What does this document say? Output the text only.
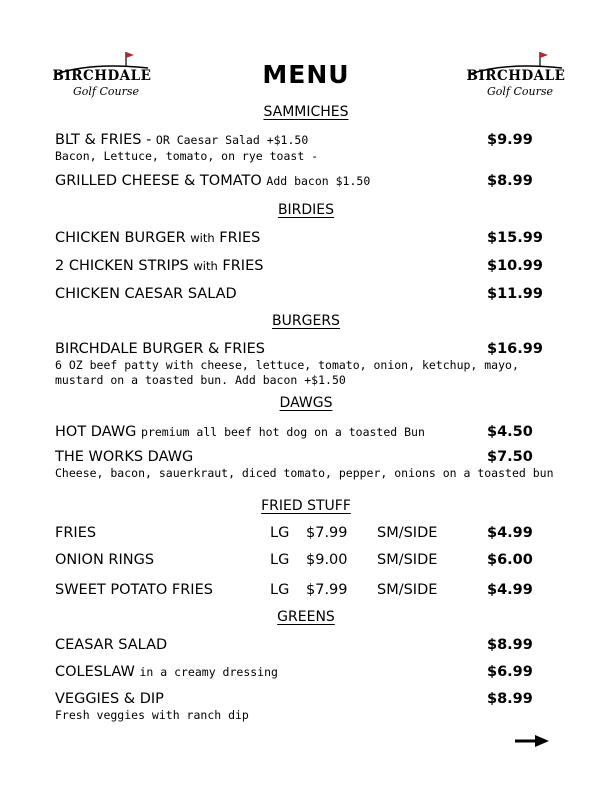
BIRCHDALE
Golf Course
BIRCHDALE
Golf Course
MENU
SAMMICHES
BLT & FRIES - OR Caesar Salad +$1.50	$9.99
Bacon, Lettuce, tomato, on rye toast -
GRILLED CHEESE & TOMATO Add bacon $1.50	$8.99
BIRDIES
CHICKEN BURGER with FRIES	$15.99
2 CHICKEN STRIPS with FRIES	$10.99
CHICKEN CAESAR SALAD	$11.99
BURGERS
BIRCHDALE BURGER & FRIES	$16.99
6 OZ beef patty with cheese, lettuce, tomato, onion, ketchup, mayo, mustard on a toasted bun. Add bacon +$1.50
DAWGS
HOT DAWG premium all beef hot dog on a toasted Bun	$4.50
THE WORKS DAWG	$7.50
Cheese, bacon, sauerkraut, diced tomato, pepper, onions on a toasted bun
FRIED STUFF
FRIES	LG $7.99 SM/SIDE	$4.99
ONION RINGS	LG $9.00 SM/SIDE	$6.00
SWEET POTATO FRIES	LG $7.99 SM/SIDE	$4.99
GREENS
CEASAR SALAD	$8.99
COLESLAW in a creamy dressing	$6.99
VEGGIES & DIP	$8.99
Fresh veggies with ranch dip
